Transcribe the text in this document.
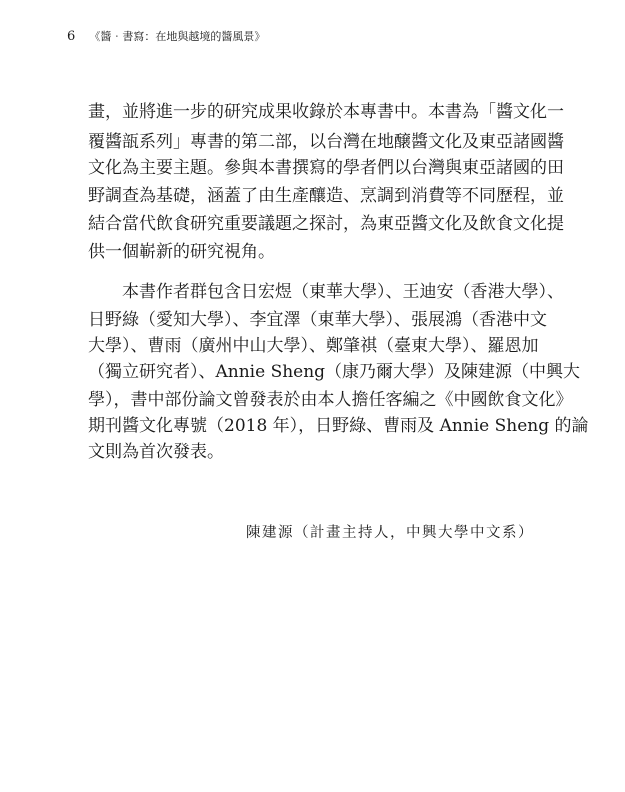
6 《醬‧書寫：在地與越境的醬風景》
畫，並將進一步的研究成果收錄於本專書中。本書為「醬文化一
覆醬瓿系列」專書的第二部，以台灣在地醸醬文化及東亞諸國醬
文化為主要主題。參與本書撰寫的學者們以台灣與東亞諸國的田
野調查為基礎，涵蓋了由生產釀造、烹調到消費等不同歷程，並
結合當代飲食研究重要議題之探討，為東亞醬文化及飲食文化提
供一個嶄新的研究視角。
　　本書作者群包含日宏煜（東華大學）、王迪安（香港大學）、
日野綠（愛知大學）、李宜澤（東華大學）、張展鴻（香港中文
大學）、曹雨（廣州中山大學）、鄭肇祺（臺東大學）、羅恩加
（獨立研究者）、Annie Sheng（康乃爾大學）及陳建源（中興大
學），書中部份論文曾發表於由本人擔任客編之《中國飲食文化》
期刊醬文化專號（2018 年），日野綠、曹雨及 Annie Sheng 的論
文則為首次發表。
陳建源（計畫主持人，中興大學中文系）
